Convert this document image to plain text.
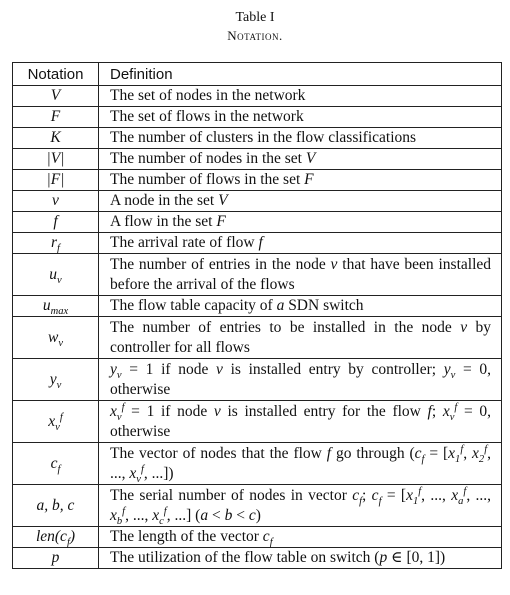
Table I
Notation.
Notation	Definition
V	The set of nodes in the network
F	The set of flows in the network
K	The number of clusters in the flow classifications
|V|	The number of nodes in the set V
|F|	The number of flows in the set F
v	A node in the set V
f	A flow in the set F
$r_f$	The arrival rate of flow f
$u_v$	The number of entries in the node v that have been installed before the arrival of the flows
$u_{max}$	The flow table capacity of a SDN switch
$w_v$	The number of entries to be installed in the node v by controller for all flows
$y_v$	$y_v = 1$ if node v is installed entry by controller; $y_v = 0$, otherwise
$x_v^f$	$x_v^f = 1$ if node v is installed entry for the flow f; $x_v^f = 0$, otherwise
$c_f$	The vector of nodes that the flow f go through ($c_f = [x_1^f$, $x_2^f$, ..., $x_v^f$, ...])
a, b, c	The serial number of nodes in vector $c_f$; $c_f = [x_1^f$, ..., $x_a^f$, ..., $x_b^f$, ..., $x_c^f$, ...] (a < b < c)
$len(c_f)$	The length of the vector $c_f$
p	The utilization of the flow table on switch (p ∈ [0, 1])
